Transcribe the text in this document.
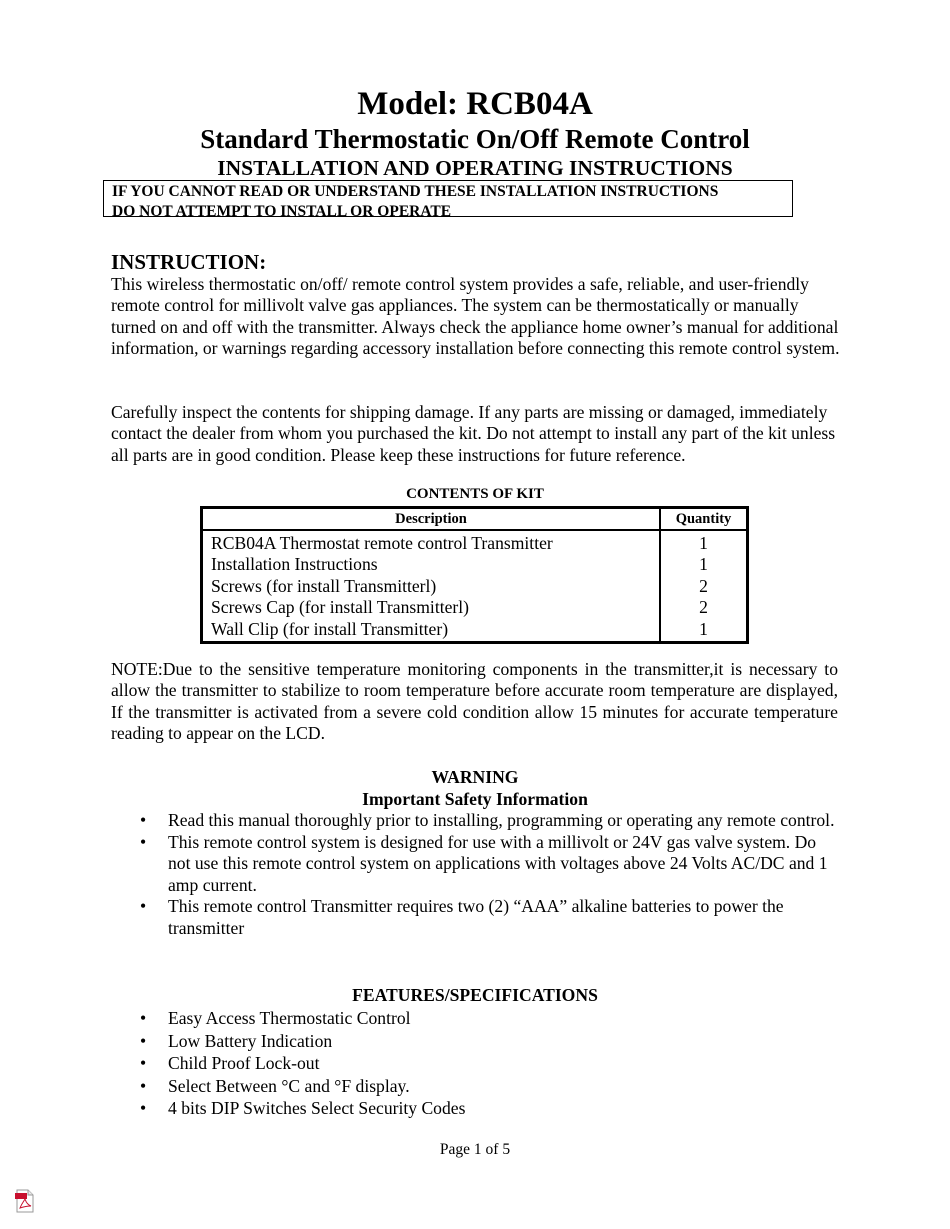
Model: RCB04A
Standard Thermostatic On/Off Remote Control
INSTALLATION AND OPERATING INSTRUCTIONS
IF YOU CANNOT READ OR UNDERSTAND THESE INSTALLATION INSTRUCTIONS
DO NOT ATTEMPT TO INSTALL OR OPERATE
INSTRUCTION:
This wireless thermostatic on/off/ remote control system provides a safe, reliable, and user-friendly remote control for millivolt valve gas appliances. The system can be thermostatically or manually turned on and off with the transmitter. Always check the appliance home owner’s manual for additional information, or warnings regarding accessory installation before connecting this remote control system.
Carefully inspect the contents for shipping damage. If any parts are missing or damaged, immediately contact the dealer from whom you purchased the kit. Do not attempt to install any part of the kit unless all parts are in good condition. Please keep these instructions for future reference.
CONTENTS OF KIT
Description	Quantity
RCB04A Thermostat remote control Transmitter	1
Installation Instructions	1
Screws (for install Transmitterl)	2
Screws Cap (for install Transmitterl)	2
Wall Clip (for install Transmitter)	1
NOTE:Due to the sensitive temperature monitoring components in the transmitter,it is necessary to allow the transmitter to stabilize to room temperature before accurate room temperature are displayed, If the transmitter is activated from a severe cold condition allow 15 minutes for accurate temperature reading to appear on the LCD.
WARNING
Important Safety Information
• Read this manual thoroughly prior to installing, programming or operating any remote control.
• This remote control system is designed for use with a millivolt or 24V gas valve system. Do not use this remote control system on applications with voltages above 24 Volts AC/DC and 1 amp current.
• This remote control Transmitter requires two (2) “AAA” alkaline batteries to power the transmitter
FEATURES/SPECIFICATIONS
• Easy Access Thermostatic Control
• Low Battery Indication
• Child Proof Lock-out
• Select Between °C and °F display.
• 4 bits DIP Switches Select Security Codes
Page 1 of 5
